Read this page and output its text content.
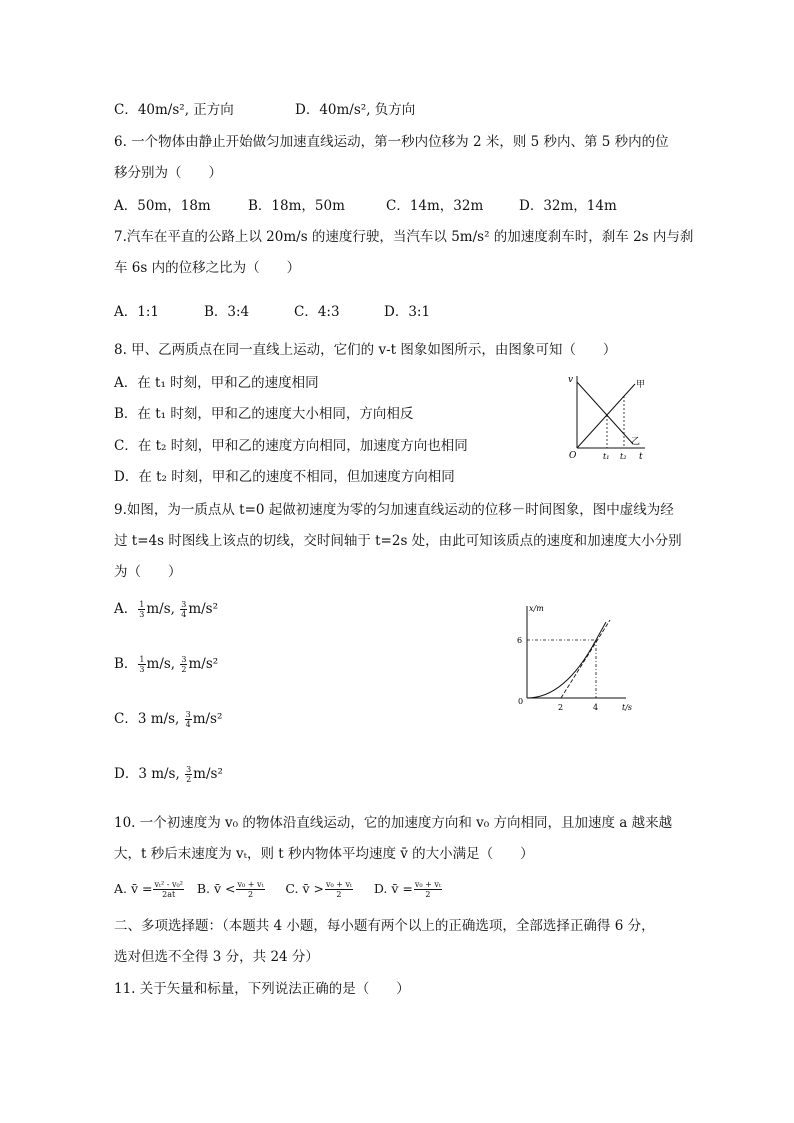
C．40m/s², 正方向	D．40m/s², 负方向
6. 一个物体由静止开始做匀加速直线运动，第一秒内位移为 2 米，则 5 秒内、第 5 秒内的位
移分别为（　　）
A．50m，18m	B．18m，50m	C．14m，32m	D．32m，14m
7.汽车在平直的公路上以 20m/s 的速度行驶，当汽车以 5m/s² 的加速度刹车时，刹车 2s 内与刹
车 6s 内的位移之比为（　　）
A．1:1	B．3:4	C．4:3	D．3:1
8. 甲、乙两质点在同一直线上运动，它们的 v-t 图象如图所示，由图象可知（　　）
A．在 t₁ 时刻，甲和乙的速度相同
B．在 t₁ 时刻，甲和乙的速度大小相同，方向相反
C．在 t₂ 时刻，甲和乙的速度方向相同，加速度方向也相同
D．在 t₂ 时刻，甲和乙的速度不相同，但加速度方向相同
v
O	t₁ t₂ t
甲
乙
9.如图，为一质点从 t=0 起做初速度为零的匀加速直线运动的位移－时间图象，图中虚线为经
过 t=4s 时图线上该点的切线，交时间轴于 t=2s 处，由此可知该质点的速度和加速度大小分别
为（　　）
A． $\frac{1}{3} m/s$, $\frac{3}{4} m/s^2$
B． $\frac{1}{3} m/s$, $\frac{3}{2} m/s^2$
C．3 m/s, $\frac{3}{4} m/s^2$
D．3 m/s, $\frac{3}{2} m/s^2$
x/m
6
0
2	4	t/s
10. 一个初速度为 v₀ 的物体沿直线运动，它的加速度方向和 v₀ 方向相同，且加速度 a 越来越
大，t 秒后末速度为 vₜ，则 t 秒内物体平均速度 v̄ 的大小满足（　　）
A. v̄ = $\frac{\text{vₜ² - v₀²}}{2at} B$. v̄ < $\frac{\text{v₀ + vₜ}}{2} C$. v̄ > $\frac{\text{v₀ + vₜ}}{2} D$. v̄ = $\frac{\text{v₀ + vₜ}}{2}$
二、多项选择题：（本题共 4 小题，每小题有两个以上的正确选项，全部选择正确得 6 分，
选对但选不全得 3 分，共 24 分）
11. 关于矢量和标量，下列说法正确的是（　　）
